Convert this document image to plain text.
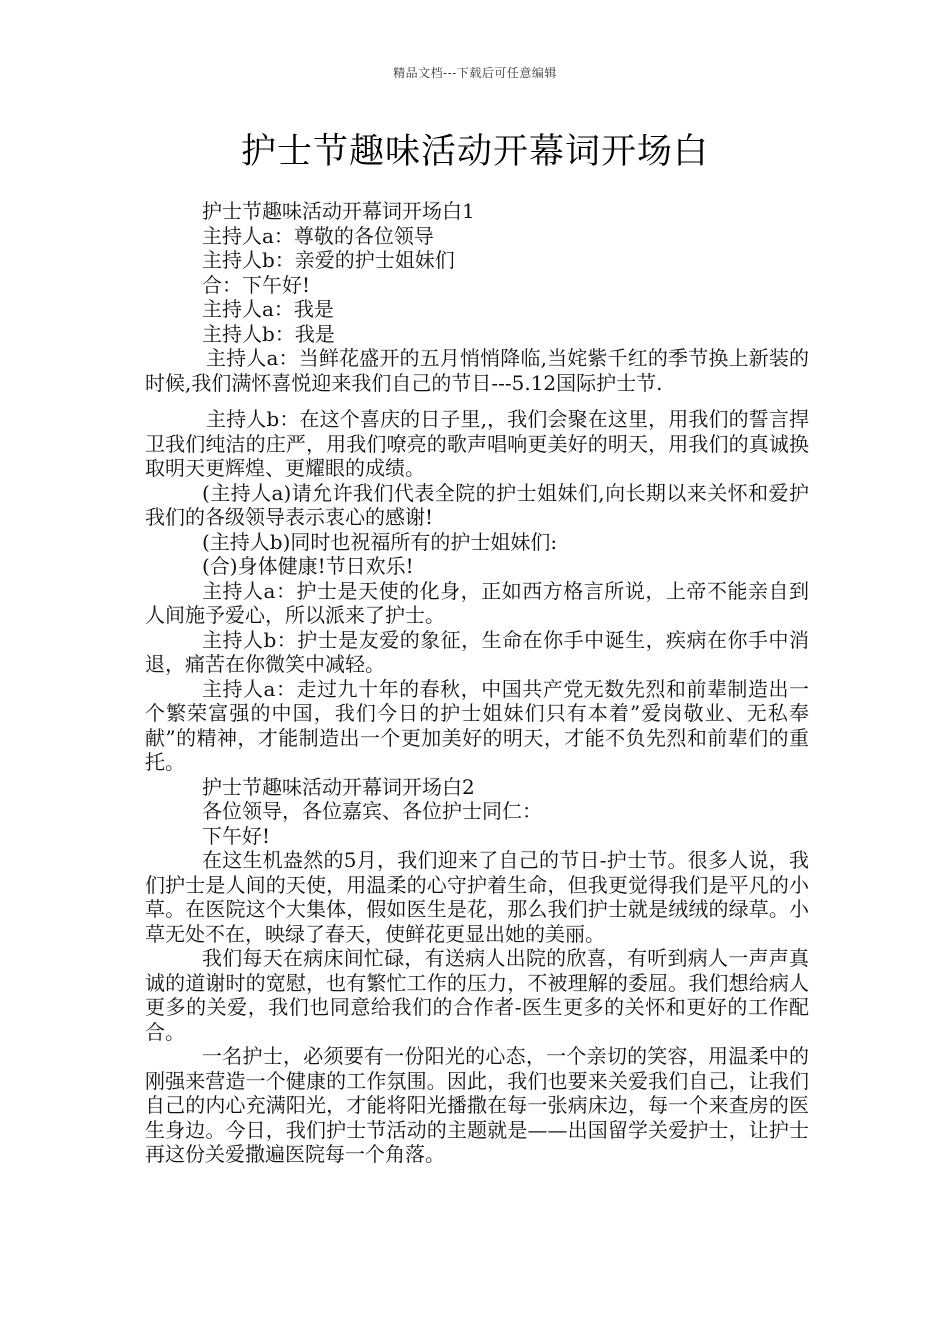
精品文档---下载后可任意编辑
护士节趣味活动开幕词开场白

护士节趣味活动开幕词开场白1

主持人a：尊敬的各位领导

主持人b：亲爱的护士姐妹们

合：下午好!

主持人a：我是

主持人b：我是

主持人a：当鲜花盛开的五月悄悄降临,当姹紫千红的季节换上新装的时候,我们满怀喜悦迎来我们自己的节日---5.12国际护士节.

主持人b：在这个喜庆的日子里,，我们会聚在这里，用我们的誓言捍卫我们纯洁的庄严，用我们嘹亮的歌声唱响更美好的明天，用我们的真诚换取明天更辉煌、更耀眼的成绩。

(主持人a)请允许我们代表全院的护士姐妹们,向长期以来关怀和爱护我们的各级领导表示衷心的感谢!

(主持人b)同时也祝福所有的护士姐妹们:

(合)身体健康!节日欢乐!

主持人a：护士是天使的化身，正如西方格言所说，上帝不能亲自到人间施予爱心，所以派来了护士。

主持人b：护士是友爱的象征，生命在你手中诞生，疾病在你手中消退，痛苦在你微笑中减轻。

主持人a：走过九十年的春秋，中国共产党无数先烈和前辈制造出一个繁荣富强的中国，我们今日的护士姐妹们只有本着”爱岗敬业、无私奉献”的精神，才能制造出一个更加美好的明天，才能不负先烈和前辈们的重托。

护士节趣味活动开幕词开场白2

各位领导，各位嘉宾、各位护士同仁：

下午好!

在这生机盎然的5月，我们迎来了自己的节日-护士节。很多人说，我们护士是人间的天使，用温柔的心守护着生命，但我更觉得我们是平凡的小草。在医院这个大集体，假如医生是花，那么我们护士就是绒绒的绿草。小草无处不在，映绿了春天，使鲜花更显出她的美丽。

我们每天在病床间忙碌，有送病人出院的欣喜，有听到病人一声声真诚的道谢时的宽慰，也有繁忙工作的压力，不被理解的委屈。我们想给病人更多的关爱，我们也同意给我们的合作者-医生更多的关怀和更好的工作配合。

一名护士，必须要有一份阳光的心态，一个亲切的笑容，用温柔中的刚强来营造一个健康的工作氛围。因此，我们也要来关爱我们自己，让我们自己的内心充满阳光，才能将阳光播撒在每一张病床边，每一个来查房的医生身边。今日，我们护士节活动的主题就是——出国留学关爱护士，让护士再这份关爱撒遍医院每一个角落。
